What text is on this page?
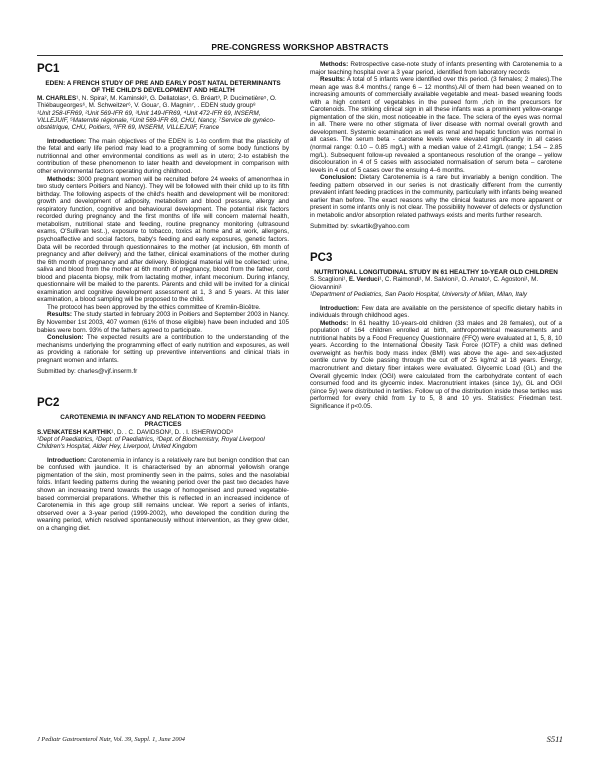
PRE-CONGRESS WORKSHOP ABSTRACTS
PC1
EDEN: A FRENCH STUDY OF PRE AND EARLY POST NATAL DETERMINANTS OF THE CHILD'S DEVELOPMENT AND HEALTH

M. CHARLES¹, N. Spira², M. Kaminski³, G. Dellatolas⁴, G. Bréart³, P. Ducimetière⁵, O. Thiébaugeorges⁶, M. Schweitzer⁶, V. Goua⁷, G. Magnin⁷, . EDEN study group⁸

¹Unit 258-IFR69, ²Unit 569-IFR 69, ³Unit 149-IFR69, ⁴Unit 472-IFR 69, INSERM, VILLEJUIF, ⁵Maternité régionale, ⁶Unit 569-IFR 69, CHU, Nancy, ⁷Service de gynéco-obstétrique, CHU, Poitiers, ⁸IFR 69, INSERM, VILLEJUIF, France

Introduction: The main objectives of the EDEN is 1-to confirm that the plasticity of the fetal and early life period may lead to a programming of some body functions by nutritionnal and other environmental conditions as well as in utero; 2-to establish the contribution of these phenomenon to later health and development in comparison with other environmental factors operating during childhood.

Methods: 3000 pregnant women will be recruited before 24 weeks of amenorrhea in two study centers Poitiers and Nancy). They will be followed with their child up to its fifth birthday. The following aspects of the child's health and development will be monitored: growth and development of adiposity, metabolism and blood pressure, allergy and respiratory function, cognitive and behavioural development. The potential risk factors recorded during pregnancy and the first months of life will concern maternal health, metabolism, nutritional state and feeding, routine pregnancy monitoring (ultrasound exams, O'Sullivan test..), exposure to tobacco, toxics at home and at work, allergens, psychoaffective and social factors, baby's feeding and early exposures, genetic factors. Data will be recorded through questionnaires to the mother (at inclusion, 6th month of pregnancy and after delivery) and the father, clinical examinations of the mother during the 6th month of pregnancy and after delivery. Biological material will be collected: urine, saliva and blood from the mother at 6th month of pregnancy, blood from the father, cord blood and placenta biopsy, milk from lactating mother, infant meconium. During infancy, questionnaire will be mailed to the parents. Parents and child will be invited for a clinical examination and cognitive development assessment at 1, 3 and 5 years. At this later examination, a blood sampling will be proposed to the child.

The protocol has been approved by the ethics committee of Kremlin-Bicêtre.

Results: The study started in february 2003 in Poitiers and September 2003 in Nancy. By November 1st 2003, 407 women (61% of those eligible) have been included and 105 babies were born. 93% of the fathers agreed to participate.

Conclusion: The expected results are a contribution to the understanding of the mechanisms underlying the programming effect of early nutrition and exposures, as well as providing a rationale for setting up preventive interventions and clinical trials in pregnant women and infants.

Submitted by: charles@vjf.inserm.fr

PC2
CAROTENEMIA IN INFANCY AND RELATION TO MODERN FEEDING PRACTICES

S.VENKATESH KARTHIK¹, D. . C. DAVIDSON², D. . I. ISHERWOOD³

¹Dept of Paediatrics, ²Dept. of Paediatrics, ³Dept. of Biochemistry, Royal Liverpool Children's Hospital, Alder Hey, Liverpool, United Kingdom

Introduction: Carotenemia in infancy is a relatively rare but benign condition that can be confused with jaundice. It is characterised by an abnormal yellowish orange pigmentation of the skin, most prominently seen in the palms, soles and the nasolabial folds. Infant feeding patterns during the weaning period over the past two decades have shown an increasing trend towards the usage of homogenised and pureed vegetable-based commercial preparations. Whether this is reflected in an increased incidence of Carotenemia in this age group still remains unclear. We report a series of infants, observed over a 3-year period (1999-2002), who developed the condition during the weaning period, which resolved spontaneously without intervention, as they grew older, on a changing diet.

Methods: Retrospective case-note study of infants presenting with Carotenemia to a major teaching hospital over a 3 year period, identified from laboratory records

Results: A total of 5 infants were identified over this period. (3 females; 2 males).The mean age was 8.4 months.( range 6 – 12 months).All of them had been weaned on to increasing amounts of commercially available vegetable and meat- based weaning foods with a high content of vegetables in the pureed form ,rich in the precursors for Carotenoids. The striking clinical sign in all these infants was a prominent yellow-orange pigmentation of the skin, most noticeable in the face. The sclera of the eyes was normal in all. There were no other stigmata of liver disease with normal overall growth and development. Systemic examination as well as renal and hepatic function was normal in all cases. The serum beta - carotene levels were elevated significantly in all cases (normal range: 0.10 – 0.85 mg/L) with a median value of 2.41mg/L (range; 1.54 – 2.85 mg/L). Subsequent follow-up revealed a spontaneous resolution of the orange – yellow discolouration in 4 of 5 cases with associated normalisation of serum beta – carotene levels in 4 out of 5 cases over the ensuing 4–6 months.

Conclusion: Dietary Carotenemia is a rare but invariably a benign condition. The feeding pattern observed in our series is not drastically different from the currently prevalent infant feeding practices in the community, particularly with infants being weaned earlier than before. The exact reasons why the clinical features are more apparent or present in some infants only is not clear. The possibility however of defects or dysfunction in metabolic and/or absorption related pathways exists and merits further research.

Submitted by: svkartik@yahoo.com

PC3
NUTRITIONAL LONGITUDINAL STUDY IN 61 HEALTHY 10-YEAR OLD CHILDREN

S. Scaglioni¹, E. Verduci¹, C. Raimondi¹, M. Salvioni¹, O. Amato¹, C. Agostoni¹, M. Giovannini¹

¹Department of Pediatrics, San Paolo Hospital, University of Milan, Milan, Italy

Introduction: Few data are available on the persistence of specific dietary habits in individuals through childhood ages.

Methods: In 61 healthy 10-years-old children (33 males and 28 females), out of a population of 164 children enrolled at birth, anthropometrical measurements and nutritional habits by a Food Frequency Questionnaire (FFQ) were evaluated at 1, 5, 8, 10 years. According to the International Obesity Task Force (IOTF) a child was defined overweight as her/his body mass index (BMI) was above the age- and sex-adjusted centile curve by Cole passing through the cut off of 25 kg/m2 at 18 years. Energy, macronutrient and dietary fiber intakes were evaluated. Glycemic Load (GL) and the Overall glycemic Index (OGI) were calculated from the carbohydrate content of each consumed food and its glycemic index. Macronutrient intakes (since 1y), GL and OGI (since 5y) were distributed in tertiles. Follow up of the distribution inside these tertiles was performed for every child from 1y to 5, 8 and 10 yrs. Statistics: Friedman test. Significance if p<0.05.

J Pediatr Gastroenterol Nutr, Vol. 39, Suppl. 1, June 2004	S511
